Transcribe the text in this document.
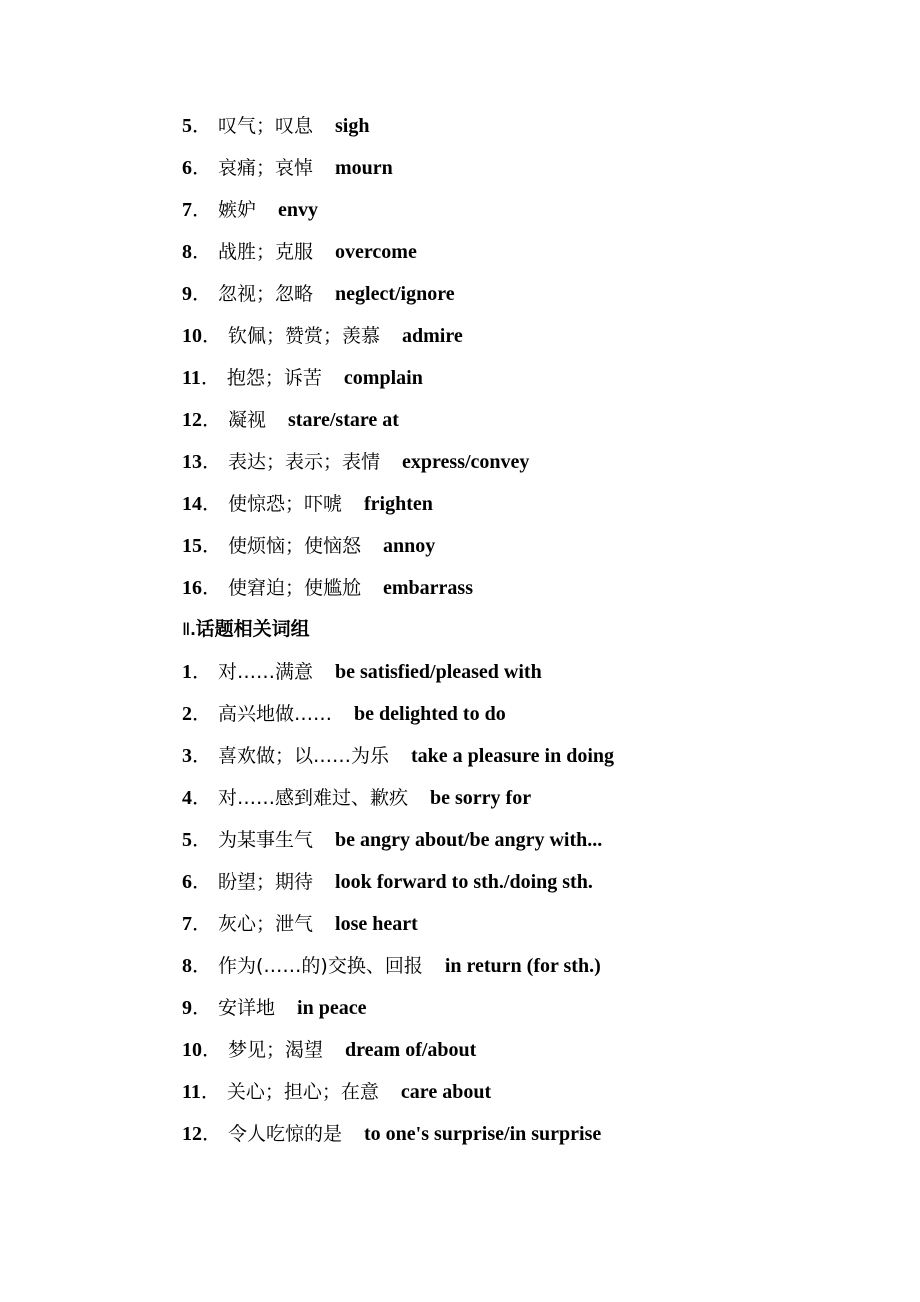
5 ． 叹气；叹息 sigh
6 ． 哀痛；哀悼 mourn
7 ． 嫉妒 envy
8 ． 战胜；克服 overcome
9 ． 忽视；忽略 neglect/ignore
10 ． 钦佩；赞赏；羡慕 admire
11 ． 抱怨；诉苦 complain
12 ． 凝视 stare/stare at
13 ． 表达；表示；表情 express/convey
14 ． 使惊恐；吓唬 frighten
15 ． 使烦恼；使恼怒 annoy
16 ． 使窘迫；使尴尬 embarrass
Ⅱ.话题相关词组
1 ． 对……满意 be satisfied/pleased with
2 ． 高兴地做…… be delighted to do
3 ． 喜欢做；以……为乐 take a pleasure in doing
4 ． 对……感到难过、歉疚 be sorry for
5 ． 为某事生气 be angry about/be angry with...
6 ． 盼望；期待 look forward to sth./doing sth.
7 ． 灰心；泄气 lose heart
8 ． 作为(……的)交换、回报 in return (for sth.)
9 ． 安详地 in peace
10 ． 梦见；渴望 dream of/about
11 ． 关心；担心；在意 care about
12 ． 令人吃惊的是 to one's surprise/in surprise
